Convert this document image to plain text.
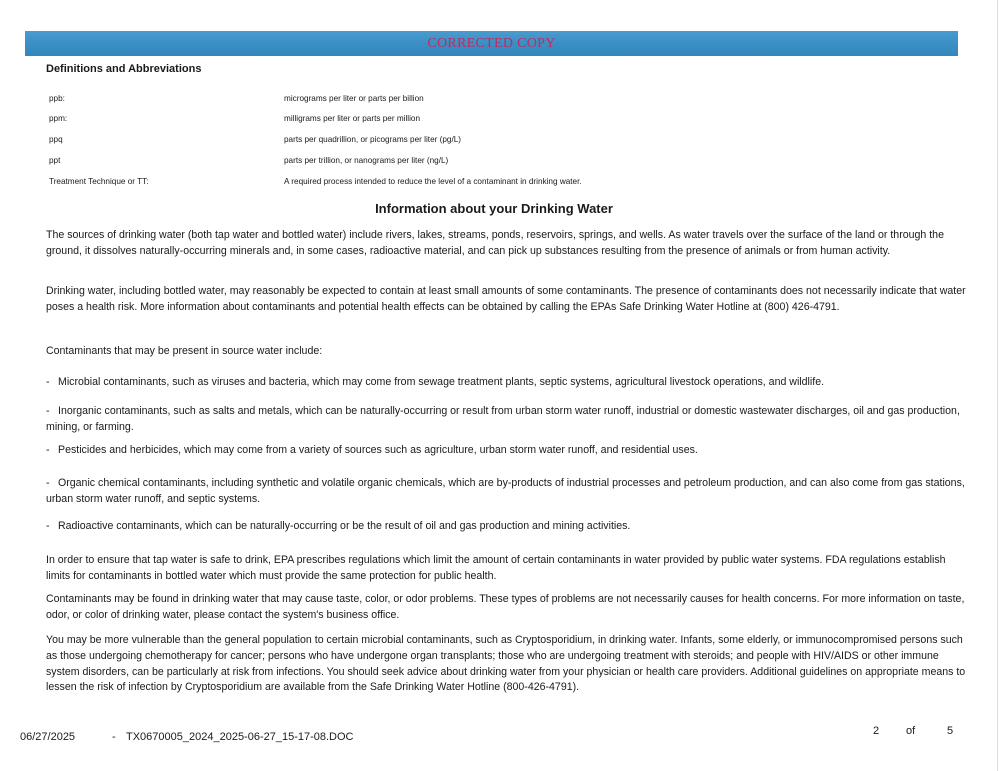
CORRECTED COPY
Definitions and Abbreviations
ppb:	micrograms per liter or parts per billion
ppm:	milligrams per liter or parts per million
ppq	parts per quadrillion, or picograms per liter (pg/L)
ppt	parts per trillion, or nanograms per liter (ng/L)
Treatment Technique or TT:	A required process intended to reduce the level of a contaminant in drinking water.
Information about your Drinking Water
The sources of drinking water (both tap water and bottled water) include rivers, lakes, streams, ponds, reservoirs, springs, and wells. As water travels over the surface of the land or through the ground, it dissolves naturally-occurring minerals and, in some cases, radioactive material, and can pick up substances resulting from the presence of animals or from human activity.
Drinking water, including bottled water, may reasonably be expected to contain at least small amounts of some contaminants. The presence of contaminants does not necessarily indicate that water poses a health risk. More information about contaminants and potential health effects can be obtained by calling the EPAs Safe Drinking Water Hotline at (800) 426-4791.
Contaminants that may be present in source water include:
- Microbial contaminants, such as viruses and bacteria, which may come from sewage treatment plants, septic systems, agricultural livestock operations, and wildlife.
- Inorganic contaminants, such as salts and metals, which can be naturally-occurring or result from urban storm water runoff, industrial or domestic wastewater discharges, oil and gas production, mining, or farming.
- Pesticides and herbicides, which may come from a variety of sources such as agriculture, urban storm water runoff, and residential uses.
- Organic chemical contaminants, including synthetic and volatile organic chemicals, which are by-products of industrial processes and petroleum production, and can also come from gas stations, urban storm water runoff, and septic systems.
- Radioactive contaminants, which can be naturally-occurring or be the result of oil and gas production and mining activities.
In order to ensure that tap water is safe to drink, EPA prescribes regulations which limit the amount of certain contaminants in water provided by public water systems. FDA regulations establish limits for contaminants in bottled water which must provide the same protection for public health.
Contaminants may be found in drinking water that may cause taste, color, or odor problems. These types of problems are not necessarily causes for health concerns. For more information on taste, odor, or color of drinking water, please contact the system's business office.
You may be more vulnerable than the general population to certain microbial contaminants, such as Cryptosporidium, in drinking water. Infants, some elderly, or immunocompromised persons such as those undergoing chemotherapy for cancer; persons who have undergone organ transplants; those who are undergoing treatment with steroids; and people with HIV/AIDS or other immune system disorders, can be particularly at risk from infections. You should seek advice about drinking water from your physician or health care providers. Additional guidelines on appropriate means to lessen the risk of infection by Cryptosporidium are available from the Safe Drinking Water Hotline (800-426-4791).
06/27/2025	- TX0670005_2024_2025-06-27_15-17-08.DOC	2 of	5
